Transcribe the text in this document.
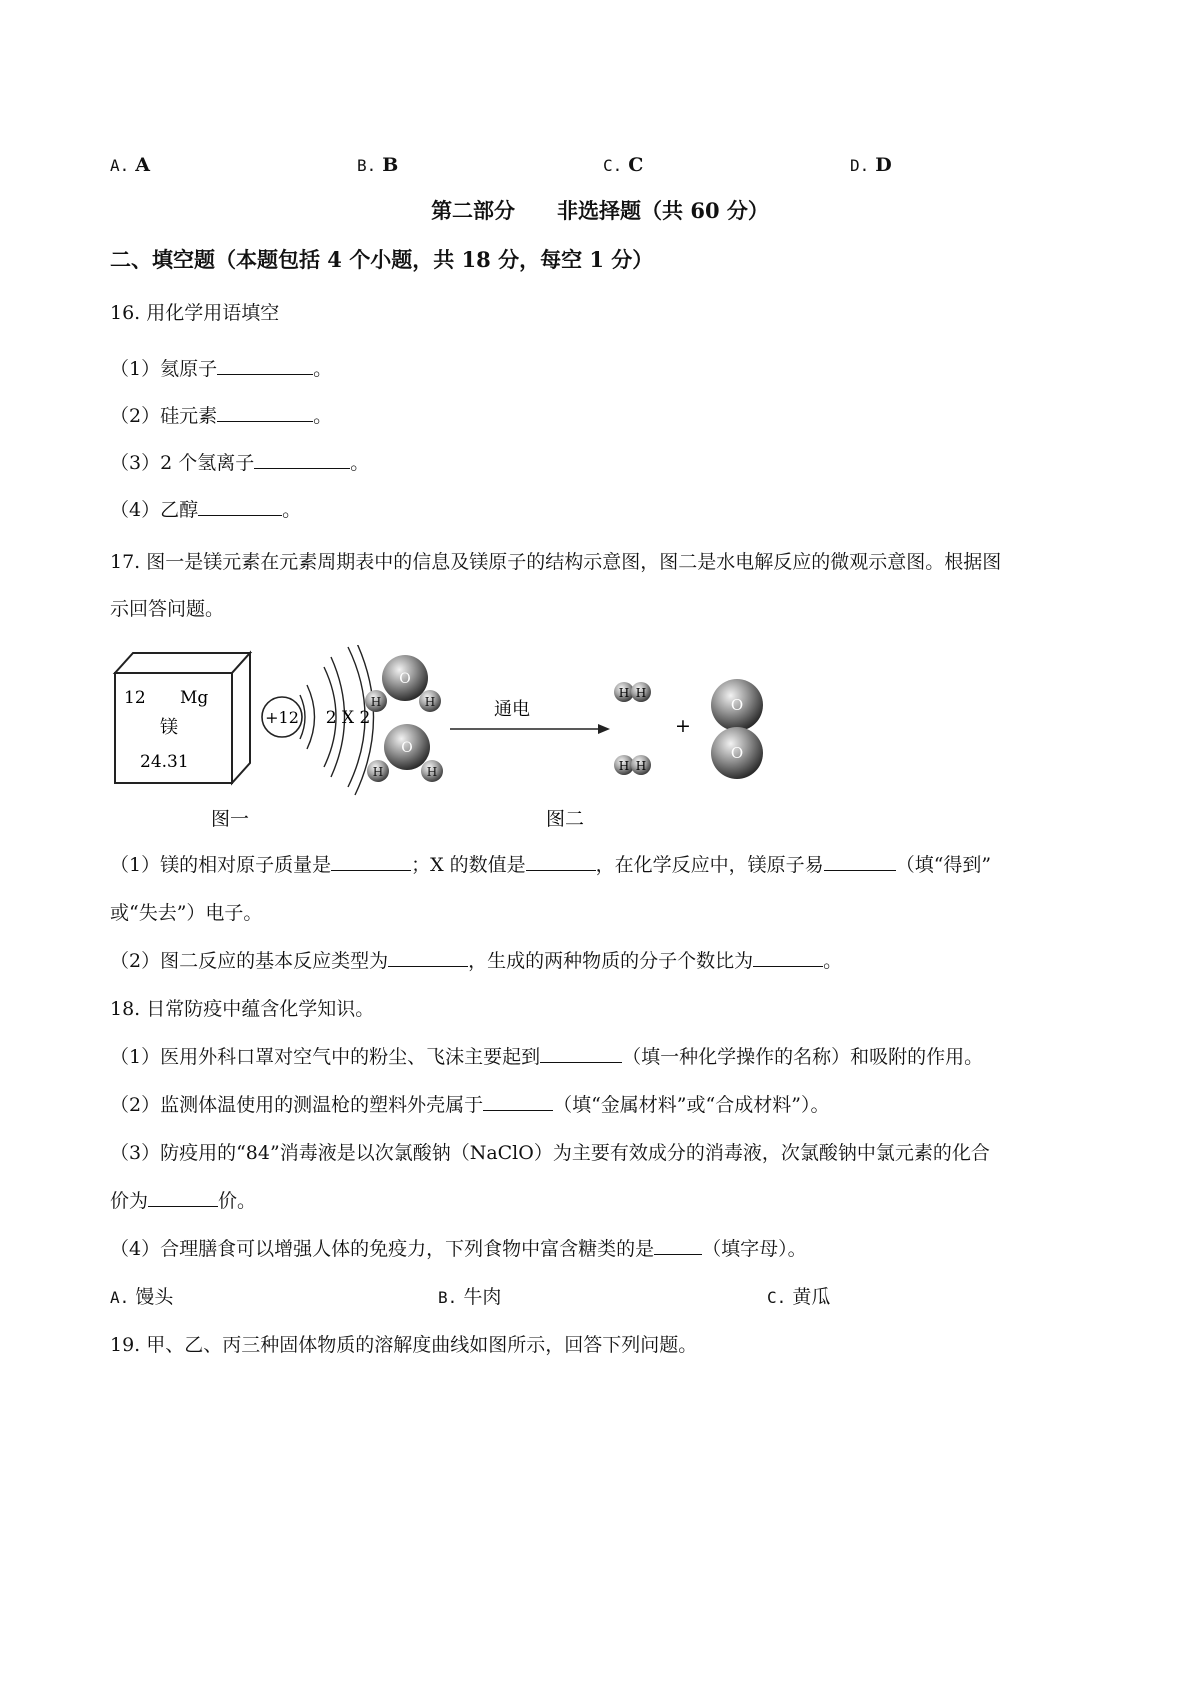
A. A	B. B	C. C	D. D
第二部分　　非选择题（共 60 分）
二、填空题（本题包括 4 个小题，共 18 分，每空 1 分）
16. 用化学用语填空
（1）氦原子	。
（2）硅元素	。
（3）2 个氢离子	。
（4）乙醇	。
17. 图一是镁元素在元素周期表中的信息及镁原子的结构示意图，图二是水电解反应的微观示意图。根据图
示回答问题。
12 Mg
镁
24.31
+12 2 X 2
O
H	H
O
H	H
通电
H H
H H
+
O
O
图一	图二
（1）镁的相对原子质量是	；X 的数值是	，在化学反应中，镁原子易	（填“得到”
或“失去”）电子。
（2）图二反应的基本反应类型为	，生成的两种物质的分子个数比为	。
18. 日常防疫中蕴含化学知识。
（1）医用外科口罩对空气中的粉尘、飞沫主要起到	（填一种化学操作的名称）和吸附的作用。
（2）监测体温使用的测温枪的塑料外壳属于	（填“金属材料”或“合成材料”）。
（3）防疫用的“84”消毒液是以次氯酸钠（NaClO）为主要有效成分的消毒液，次氯酸钠中氯元素的化合
价为	价。
（4）合理膳食可以增强人体的免疫力，下列食物中富含糖类的是	（填字母）。
A. 馒头	B. 牛肉	C. 黄瓜
19. 甲、乙、丙三种固体物质的溶解度曲线如图所示，回答下列问题。
